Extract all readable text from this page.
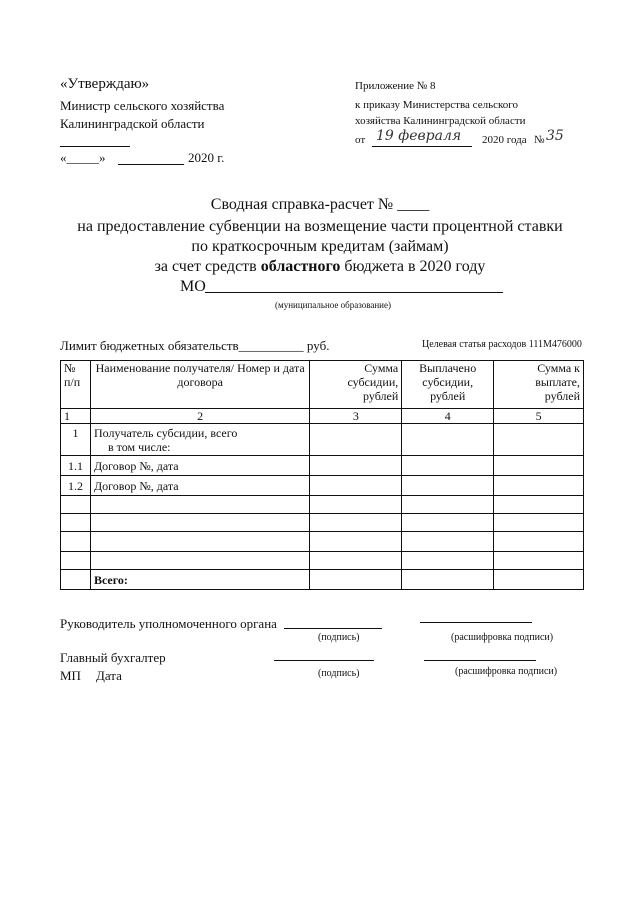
«Утверждаю»
Министр сельского хозяйства
Калининградской области
«_____»	2020 г.
Приложение № 8
к приказу Министерства сельского
хозяйства Калининградской области
от 19 февраля 2020 года № 35
Сводная справка-расчет № ____
на предоставление субвенции на возмещение части процентной ставки
по краткосрочным кредитам (займам)
за счет средств областного бюджета в 2020 году
МО
(муниципальное образование)
Лимит бюджетных обязательств__________ руб.	Целевая статья расходов 111М476000
№ п/п	Наименование получателя/ Номер и дата договора	Сумма субсидии, рублей	Выплачено субсидии, рублей	Сумма к выплате, рублей
1	2	3	4	5
1	Получатель субсидии, всего
в том числе:			

1.1	Договор №, дата			
1.2	Договор №, дата			

	Всего:			
Руководитель уполномоченного органа
(подпись)	(расшифровка подписи)
Главный бухгалтер
МП Дата	(подпись)	(расшифровка подписи)
